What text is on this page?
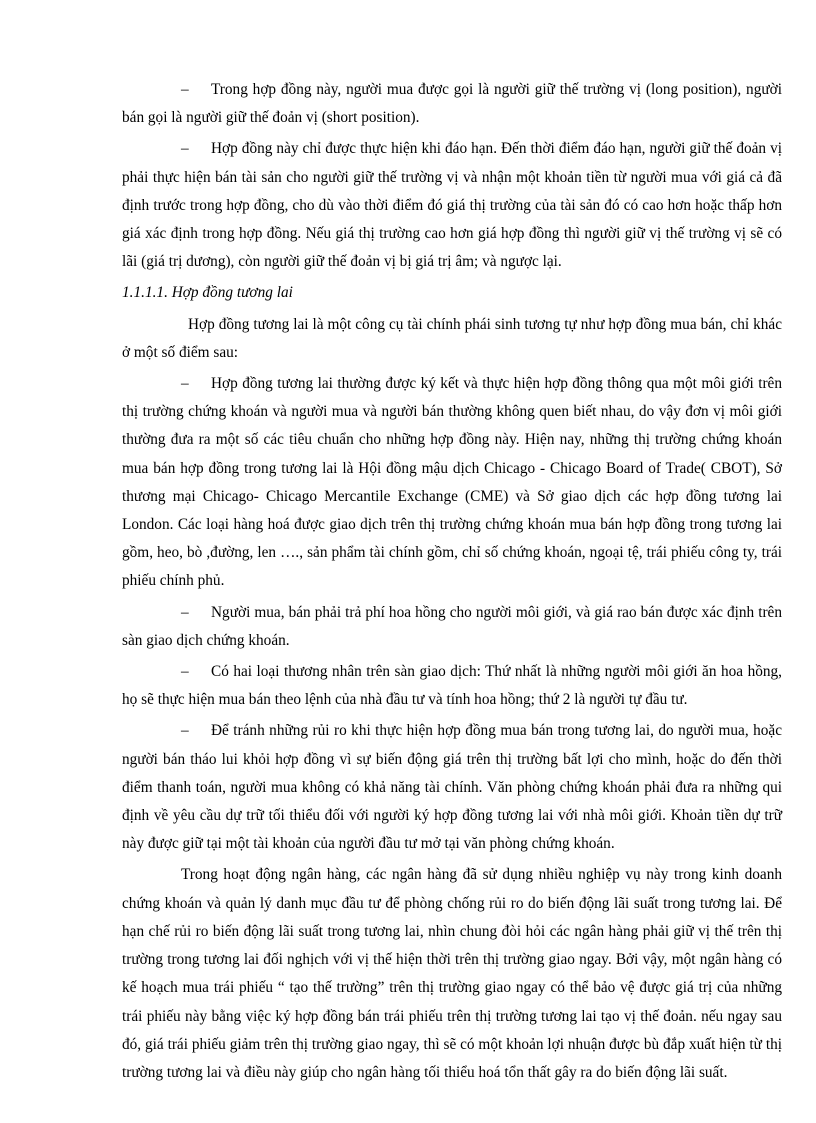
– Trong hợp đồng này, người mua được gọi là người giữ thế trường vị (long position), người bán gọi là người giữ thế đoản vị (short position).

– Hợp đồng này chỉ được thực hiện khi đáo hạn. Đến thời điểm đáo hạn, người giữ thế đoản vị phải thực hiện bán tài sản cho người giữ thế trường vị và nhận một khoản tiền từ người mua với giá cả đã định trước trong hợp đồng, cho dù vào thời điểm đó giá thị trường của tài sản đó có cao hơn hoặc thấp hơn giá xác định trong hợp đồng. Nếu giá thị trường cao hơn giá hợp đồng thì người giữ vị thế trường vị sẽ có lãi (giá trị dương), còn người giữ thế đoản vị bị giá trị âm; và ngược lại.

1.1.1.1. Hợp đồng tương lai

Hợp đồng tương lai là một công cụ tài chính phái sinh tương tự như hợp đồng mua bán, chỉ khác ở một số điểm sau:

– Hợp đồng tương lai thường được ký kết và thực hiện hợp đồng thông qua một môi giới trên thị trường chứng khoán và người mua và người bán thường không quen biết nhau, do vậy đơn vị môi giới thường đưa ra một số các tiêu chuẩn cho những hợp đồng này. Hiện nay, những thị trường chứng khoán mua bán hợp đồng trong tương lai là Hội đồng mậu dịch Chicago - Chicago Board of Trade( CBOT), Sở thương mại Chicago- Chicago Mercantile Exchange (CME) và Sở giao dịch các hợp đồng tương lai London. Các loại hàng hoá được giao dịch trên thị trường chứng khoán mua bán hợp đồng trong tương lai gồm, heo, bò ,đường, len …., sản phẩm tài chính gồm, chỉ số chứng khoán, ngoại tệ, trái phiếu công ty, trái phiếu chính phủ.

– Người mua, bán phải trả phí hoa hồng cho người môi giới, và giá rao bán được xác định trên sàn giao dịch chứng khoán.

– Có hai loại thương nhân trên sàn giao dịch: Thứ nhất là những người môi giới ăn hoa hồng, họ sẽ thực hiện mua bán theo lệnh của nhà đầu tư và tính hoa hồng; thứ 2 là người tự đầu tư.

– Để tránh những rủi ro khi thực hiện hợp đồng mua bán trong tương lai, do người mua, hoặc người bán tháo lui khỏi hợp đồng vì sự biến động giá trên thị trường bất lợi cho mình, hoặc do đến thời điểm thanh toán, người mua không có khả năng tài chính. Văn phòng chứng khoán phải đưa ra những qui định về yêu cầu dự trữ tối thiểu đối với người ký hợp đồng tương lai với nhà môi giới. Khoản tiền dự trữ này được giữ tại một tài khoản của người đầu tư mở tại văn phòng chứng khoán.

Trong hoạt động ngân hàng, các ngân hàng đã sử dụng nhiều nghiệp vụ này trong kinh doanh chứng khoán và quản lý danh mục đầu tư để phòng chống rủi ro do biến động lãi suất trong tương lai. Để hạn chế rủi ro biến động lãi suất trong tương lai, nhìn chung đòi hỏi các ngân hàng phải giữ vị thế trên thị trường trong tương lai đối nghịch với vị thế hiện thời trên thị trường giao ngay. Bởi vậy, một ngân hàng có kế hoạch mua trái phiếu “ tạo thế trường” trên thị trường giao ngay có thể bảo vệ được giá trị của những trái phiếu này bằng việc ký hợp đồng bán trái phiếu trên thị trường tương lai tạo vị thế đoản. nếu ngay sau đó, giá trái phiếu giảm trên thị trường giao ngay, thì sẽ có một khoản lợi nhuận được bù đắp xuất hiện từ thị trường tương lai và điều này giúp cho ngân hàng tối thiểu hoá tổn thất gây ra do biến động lãi suất.
